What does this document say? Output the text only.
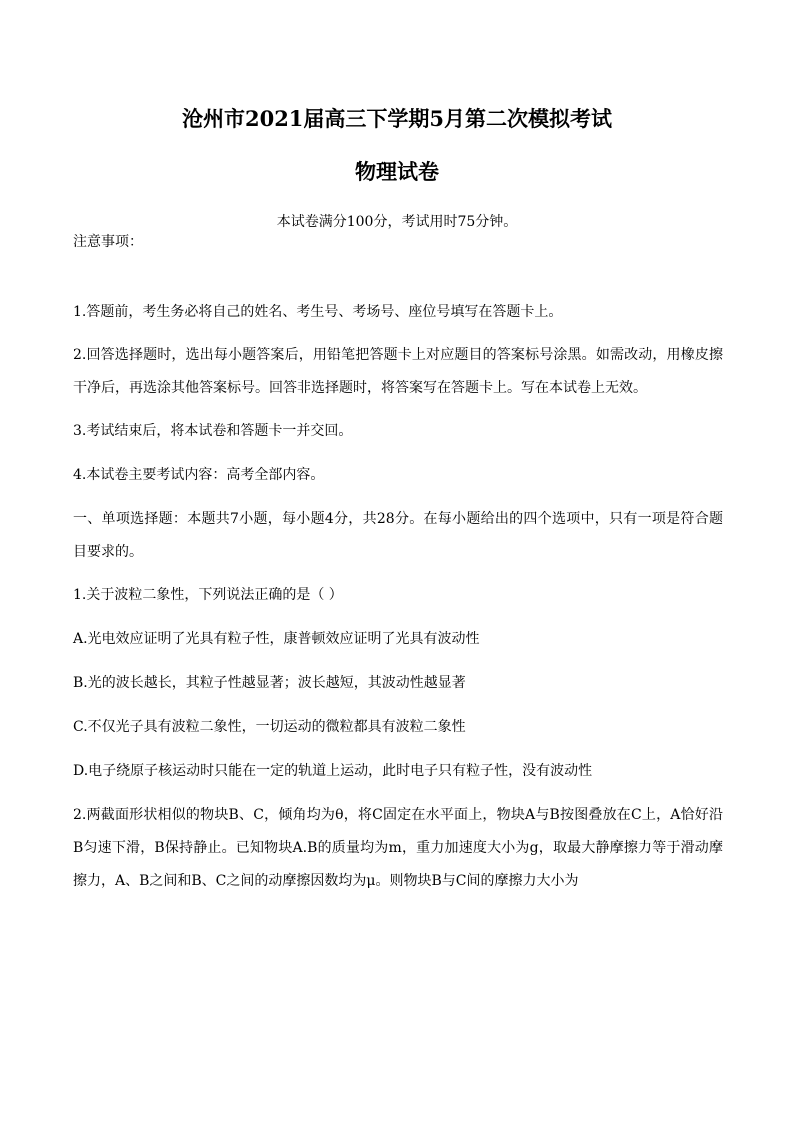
沧州市2021届高三下学期5月第二次模拟考试
物理试卷

本试卷满分100分，考试用时75分钟。

注意事项：

1.答题前，考生务必将自己的姓名、考生号、考场号、座位号填写在答题卡上。

2.回答选择题时，选出每小题答案后，用铅笔把答题卡上对应题目的答案标号涂黑。如需改动，用橡皮擦干净后，再选涂其他答案标号。回答非选择题时，将答案写在答题卡上。写在本试卷上无效。

3.考试结束后，将本试卷和答题卡一并交回。

4.本试卷主要考试内容：高考全部内容。

一、单项选择题：本题共7小题，每小题4分，共28分。在每小题给出的四个选项中，只有一项是符合题目要求的。

1.关于波粒二象性，下列说法正确的是（ ）

A.光电效应证明了光具有粒子性，康普顿效应证明了光具有波动性

B.光的波长越长，其粒子性越显著；波长越短，其波动性越显著

C.不仅光子具有波粒二象性，一切运动的微粒都具有波粒二象性

D.电子绕原子核运动时只能在一定的轨道上运动，此时电子只有粒子性，没有波动性

2.两截面形状相似的物块B、C，倾角均为θ，将C固定在水平面上，物块A与B按图叠放在C上，A恰好沿B匀速下滑，B保持静止。已知物块A.B的质量均为m，重力加速度大小为g，取最大静摩擦力等于滑动摩擦力，A、B之间和B、C之间的动摩擦因数均为μ。则物块B与C间的摩擦力大小为
